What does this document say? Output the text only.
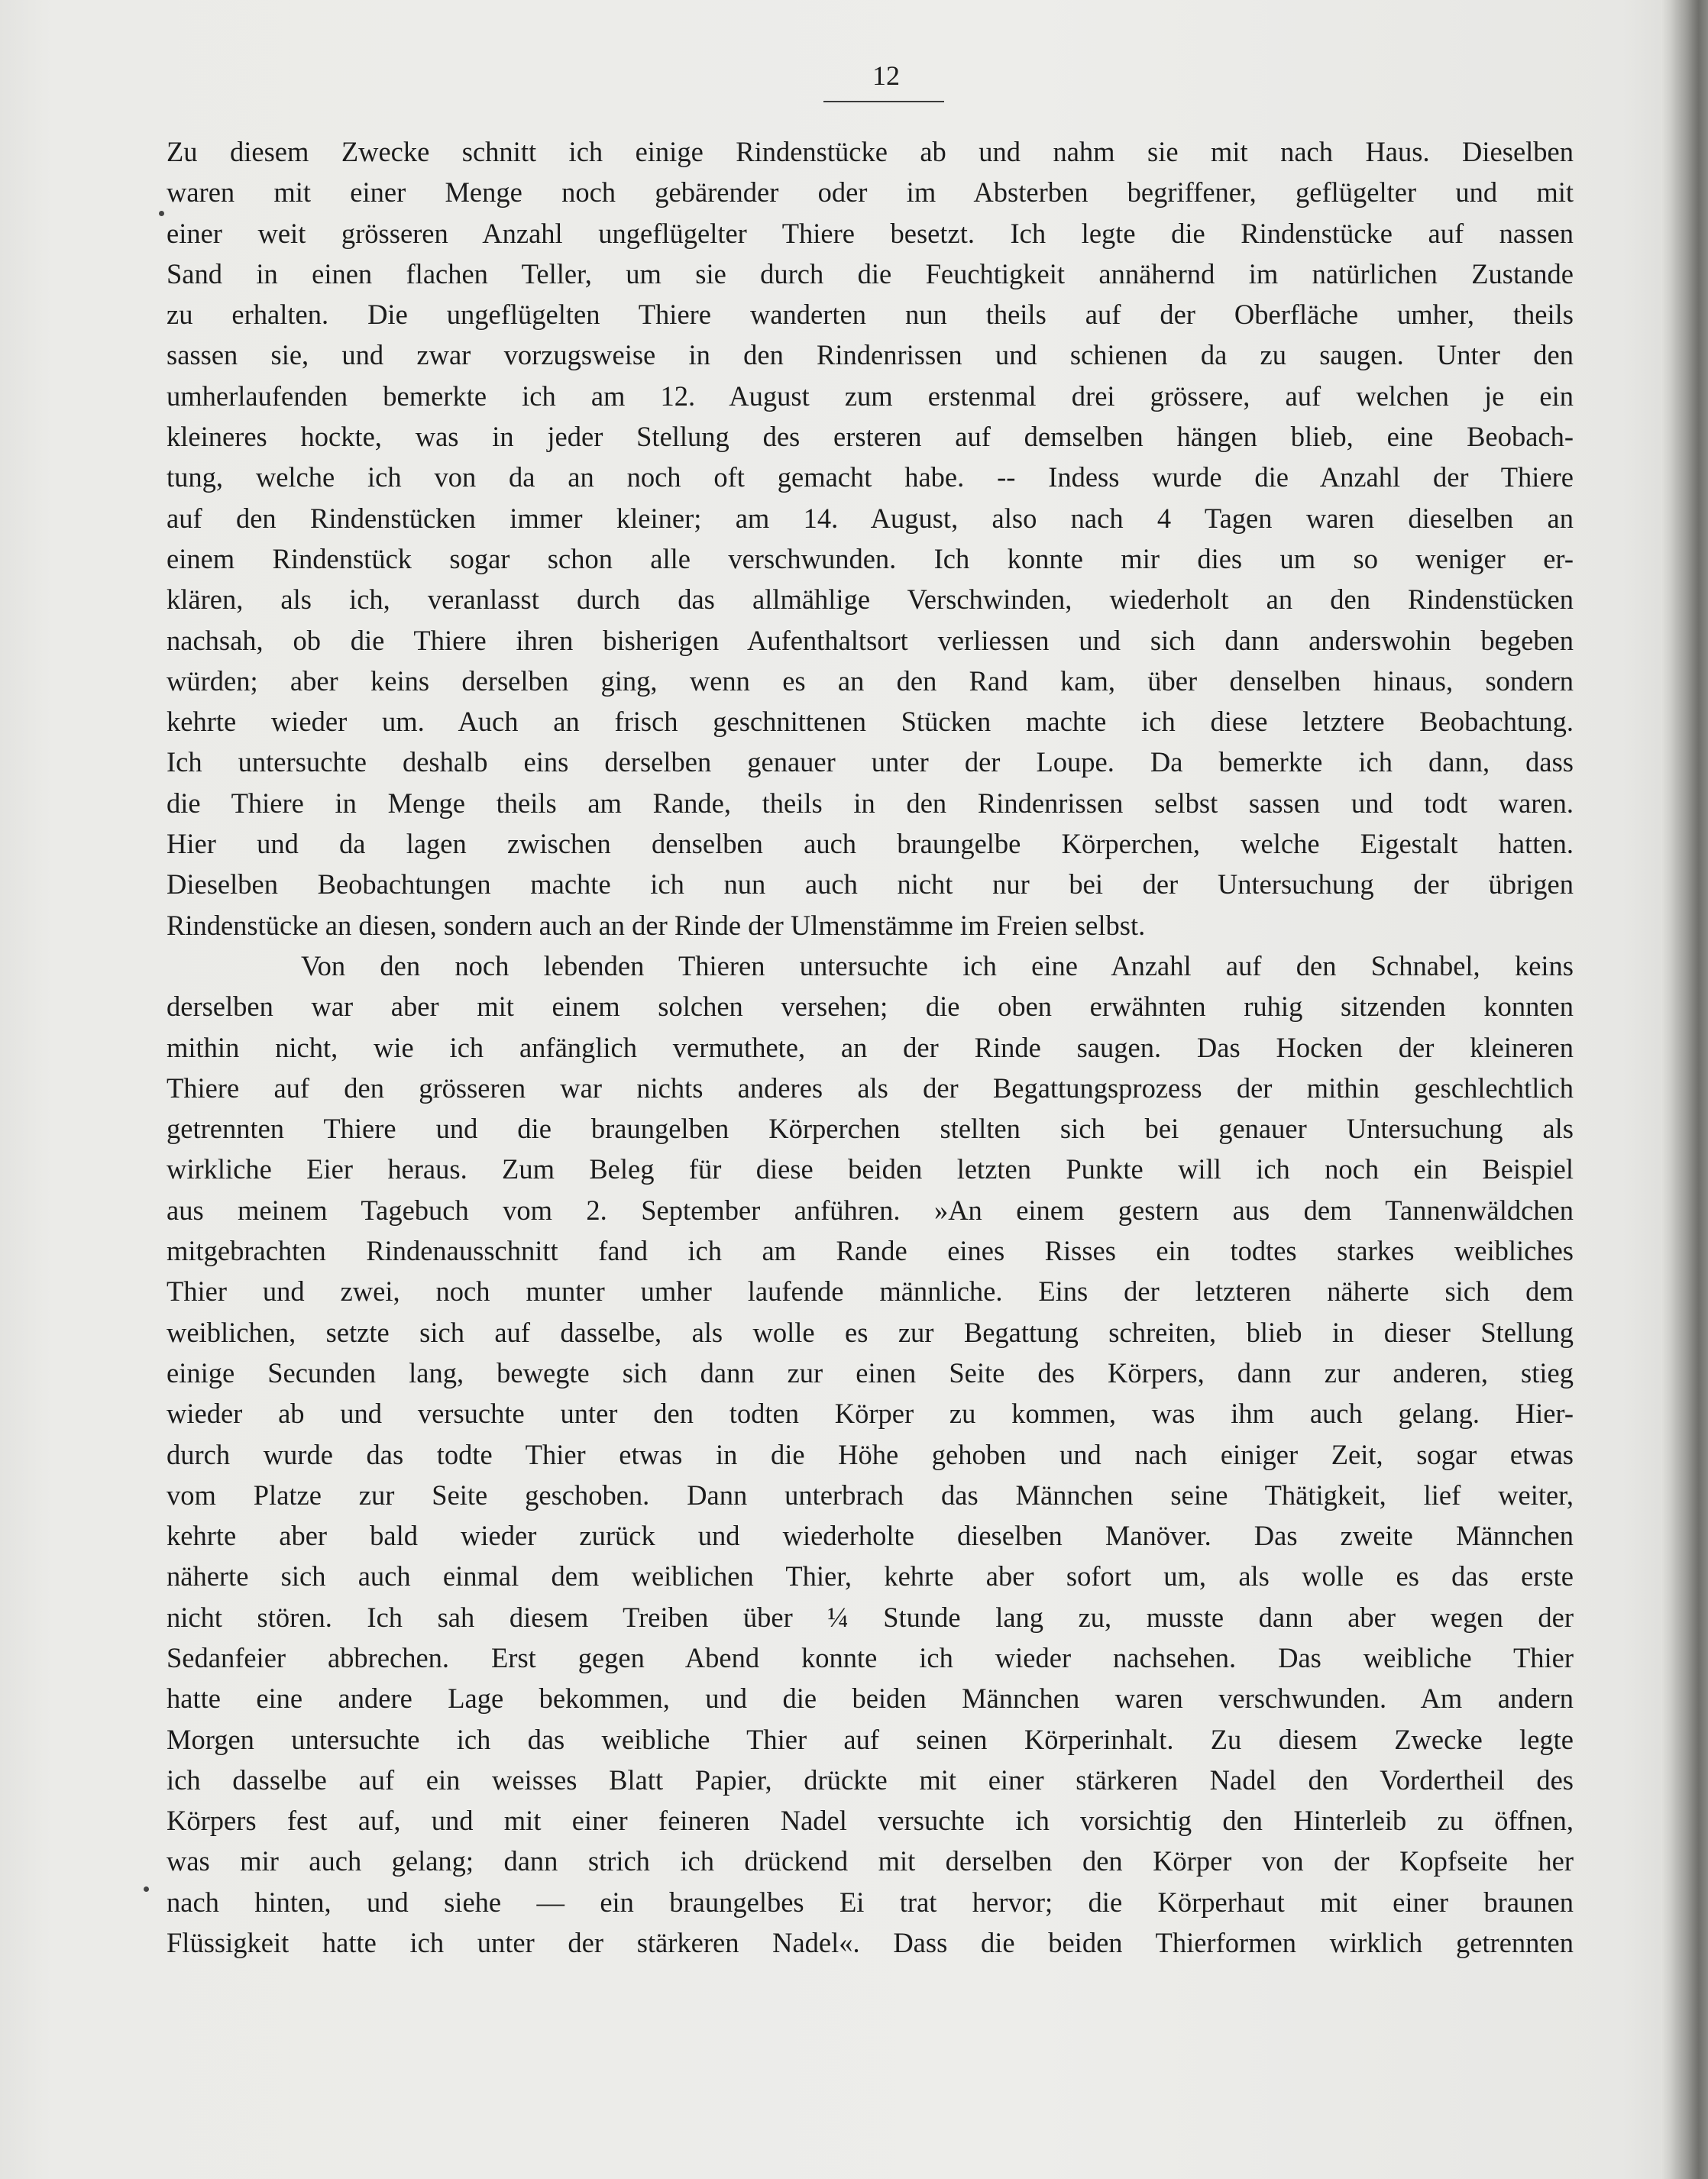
12
Zu diesem Zwecke schnitt ich einige Rindenstücke ab und nahm sie mit nach Haus. Dieselben
waren mit einer Menge noch gebärender oder im Absterben begriffener, geflügelter und mit
einer weit grösseren Anzahl ungeflügelter Thiere besetzt. Ich legte die Rindenstücke auf nassen
Sand in einen flachen Teller, um sie durch die Feuchtigkeit annähernd im natürlichen Zustande
zu erhalten. Die ungeflügelten Thiere wanderten nun theils auf der Oberfläche umher, theils
sassen sie, und zwar vorzugsweise in den Rindenrissen und schienen da zu saugen. Unter den
umherlaufenden bemerkte ich am 12. August zum erstenmal drei grössere, auf welchen je ein
kleineres hockte, was in jeder Stellung des ersteren auf demselben hängen blieb, eine Beobach-
tung, welche ich von da an noch oft gemacht habe. -- Indess wurde die Anzahl der Thiere
auf den Rindenstücken immer kleiner; am 14. August, also nach 4 Tagen waren dieselben an
einem Rindenstück sogar schon alle verschwunden. Ich konnte mir dies um so weniger er-
klären, als ich, veranlasst durch das allmählige Verschwinden, wiederholt an den Rindenstücken
nachsah, ob die Thiere ihren bisherigen Aufenthaltsort verliessen und sich dann anderswohin begeben
würden; aber keins derselben ging, wenn es an den Rand kam, über denselben hinaus, sondern
kehrte wieder um. Auch an frisch geschnittenen Stücken machte ich diese letztere Beobachtung.
Ich untersuchte deshalb eins derselben genauer unter der Loupe. Da bemerkte ich dann, dass
die Thiere in Menge theils am Rande, theils in den Rindenrissen selbst sassen und todt waren.
Hier und da lagen zwischen denselben auch braungelbe Körperchen, welche Eigestalt hatten.
Dieselben Beobachtungen machte ich nun auch nicht nur bei der Untersuchung der übrigen
Rindenstücke an diesen, sondern auch an der Rinde der Ulmenstämme im Freien selbst.
Von den noch lebenden Thieren untersuchte ich eine Anzahl auf den Schnabel, keins
derselben war aber mit einem solchen versehen; die oben erwähnten ruhig sitzenden konnten
mithin nicht, wie ich anfänglich vermuthete, an der Rinde saugen. Das Hocken der kleineren
Thiere auf den grösseren war nichts anderes als der Begattungsprozess der mithin geschlechtlich
getrennten Thiere und die braungelben Körperchen stellten sich bei genauer Untersuchung als
wirkliche Eier heraus. Zum Beleg für diese beiden letzten Punkte will ich noch ein Beispiel
aus meinem Tagebuch vom 2. September anführen. »An einem gestern aus dem Tannenwäldchen
mitgebrachten Rindenausschnitt fand ich am Rande eines Risses ein todtes starkes weibliches
Thier und zwei, noch munter umher laufende männliche. Eins der letzteren näherte sich dem
weiblichen, setzte sich auf dasselbe, als wolle es zur Begattung schreiten, blieb in dieser Stellung
einige Secunden lang, bewegte sich dann zur einen Seite des Körpers, dann zur anderen, stieg
wieder ab und versuchte unter den todten Körper zu kommen, was ihm auch gelang. Hier-
durch wurde das todte Thier etwas in die Höhe gehoben und nach einiger Zeit, sogar etwas
vom Platze zur Seite geschoben. Dann unterbrach das Männchen seine Thätigkeit, lief weiter,
kehrte aber bald wieder zurück und wiederholte dieselben Manöver. Das zweite Männchen
näherte sich auch einmal dem weiblichen Thier, kehrte aber sofort um, als wolle es das erste
nicht stören. Ich sah diesem Treiben über ¼ Stunde lang zu, musste dann aber wegen der
Sedanfeier abbrechen. Erst gegen Abend konnte ich wieder nachsehen. Das weibliche Thier
hatte eine andere Lage bekommen, und die beiden Männchen waren verschwunden. Am andern
Morgen untersuchte ich das weibliche Thier auf seinen Körperinhalt. Zu diesem Zwecke legte
ich dasselbe auf ein weisses Blatt Papier, drückte mit einer stärkeren Nadel den Vordertheil des
Körpers fest auf, und mit einer feineren Nadel versuchte ich vorsichtig den Hinterleib zu öffnen,
was mir auch gelang; dann strich ich drückend mit derselben den Körper von der Kopfseite her
nach hinten, und siehe — ein braungelbes Ei trat hervor; die Körperhaut mit einer braunen
Flüssigkeit hatte ich unter der stärkeren Nadel«. Dass die beiden Thierformen wirklich getrennten
